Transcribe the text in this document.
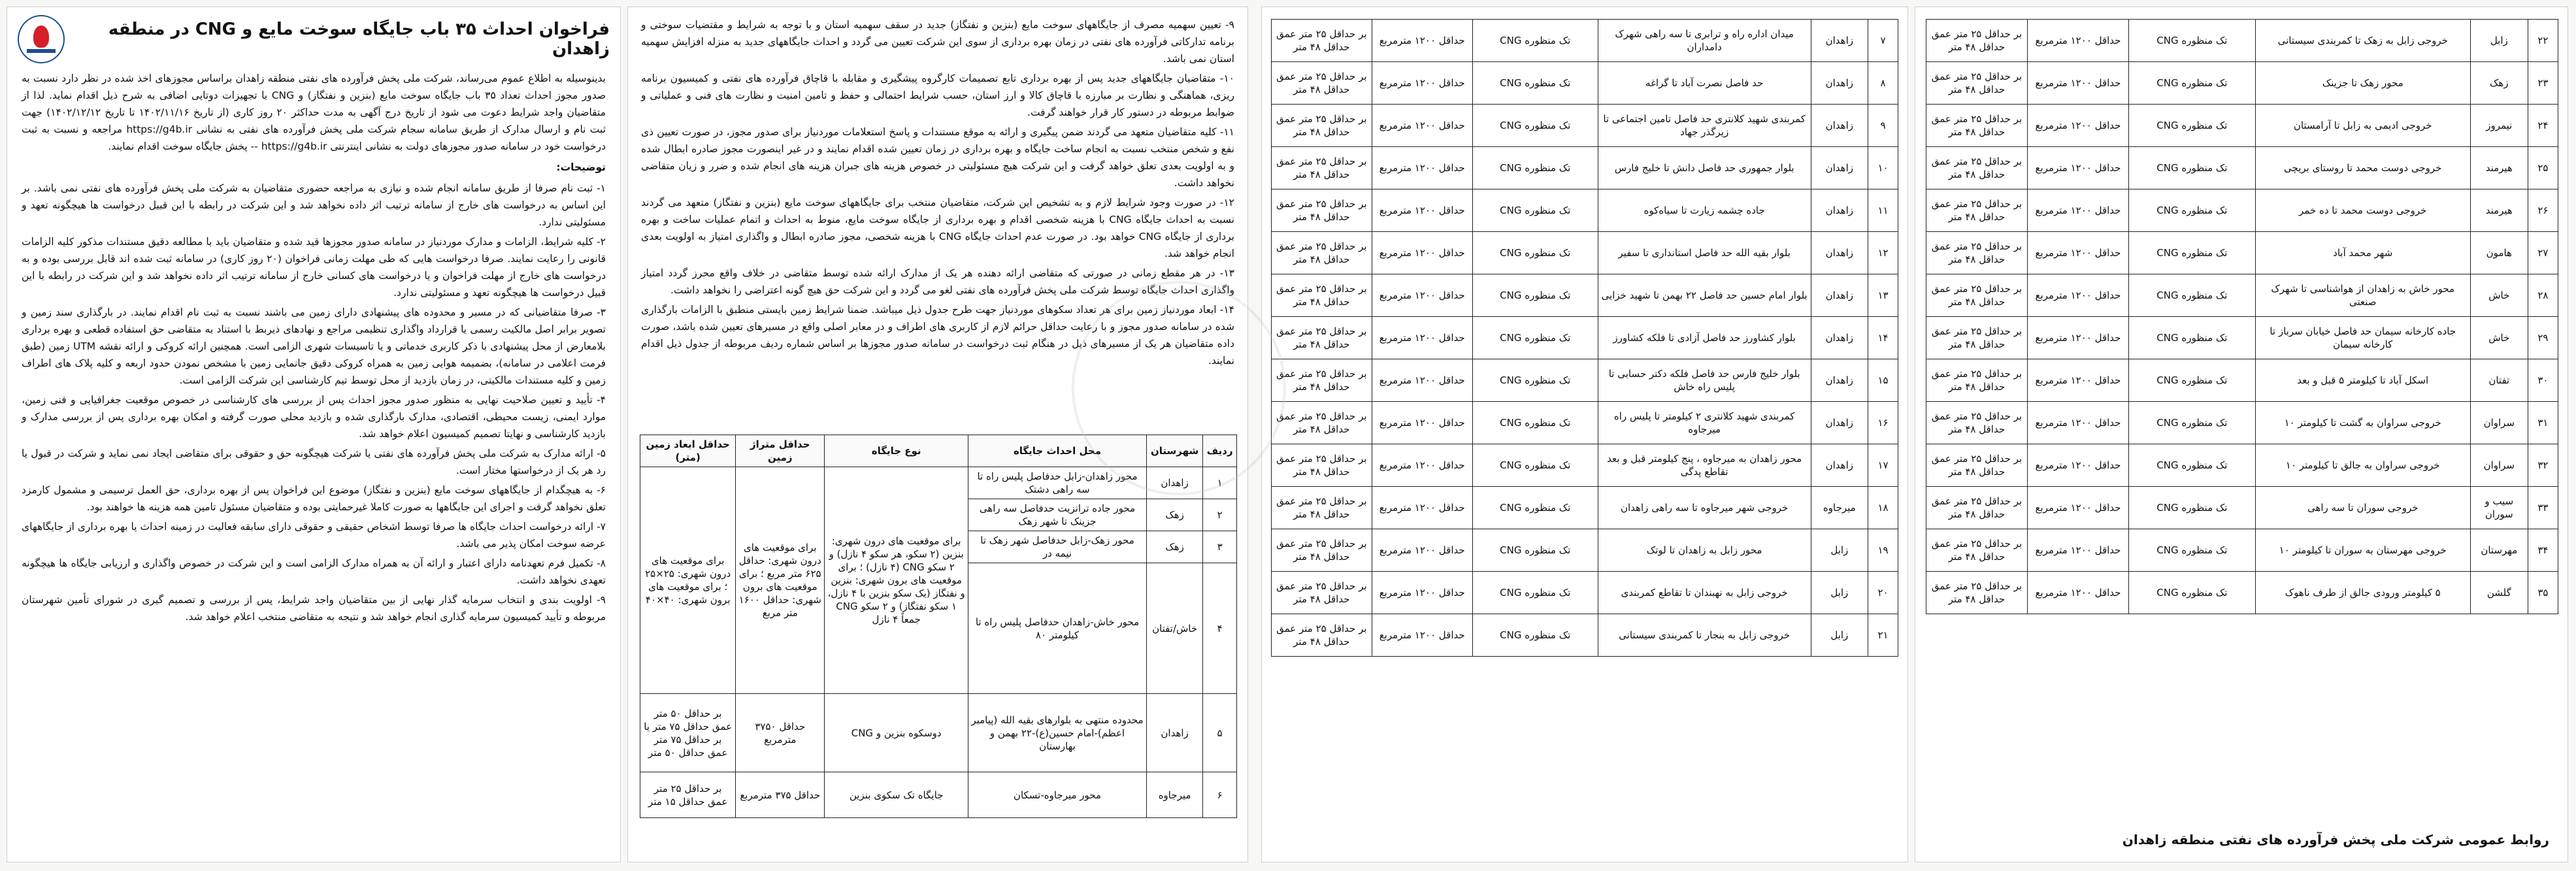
فراخوان احداث ۳۵ باب جایگاه سوخت مایع و CNG در منطقه زاهدان

بدینوسیله به اطلاع عموم می‌رساند، شرکت ملی پخش فرآورده های نفتی منطقه زاهدان براساس مجوزهای اخذ شده در نظر دارد نسبت به صدور مجوز احداث تعداد ۳۵ باب جایگاه سوخت مایع (بنزین و نفتگاز) و CNG با تجهیزات دوتایی اضافی به شرح ذیل اقدام نماید. لذا از متقاضیان واجد شرایط دعوت می شود از تاریخ درج آگهی به مدت حداکثر ۲۰ روز کاری (از تاریخ ۱۴۰۲/۱۱/۱۶ تا تاریخ ۱۴۰۲/۱۲/۱۲) جهت ثبت نام و ارسال مدارک از طریق سامانه سجام شرکت ملی پخش فرآورده های نفتی به نشانی https://g4b.ir مراجعه و نسبت به ثبت درخواست خود در سامانه صدور مجوزهای دولت به نشانی اینترنتی https://g4b.ir -- پخش جایگاه سوخت اقدام نمایند.

توضیحات:

۱- ثبت نام صرفا از طریق سامانه انجام شده و نیازی به مراجعه حضوری متقاضیان به شرکت ملی پخش فرآورده های نفتی نمی باشد. بر این اساس به درخواست های خارج از سامانه ترتیب اثر داده نخواهد شد و این شرکت در رابطه با این قبیل درخواست ها هیچگونه تعهد و مسئولیتی ندارد.

۲- کلیه شرایط، الزامات و مدارک موردنیاز در سامانه صدور مجوزها قید شده و متقاضیان باید با مطالعه دقیق مستندات مذکور کلیه الزامات قانونی را رعایت نمایند. صرفا درخواست هایی که طی مهلت زمانی فراخوان (۲۰ روز کاری) در سامانه ثبت شده اند قابل بررسی بوده و به درخواست های خارج از مهلت فراخوان و یا درخواست های کسانی خارج از سامانه ترتیب اثر داده نخواهد شد و این شرکت در رابطه با این قبیل درخواست ها هیچگونه تعهد و مسئولیتی ندارد.

۳- صرفا متقاضیانی که در مسیر و محدوده های پیشنهادی دارای زمین می باشند نسبت به ثبت نام اقدام نمایند. در بارگذاری سند زمین و تصویر برابر اصل مالکیت رسمی یا قرارداد واگذاری تنظیمی مراجع و نهادهای ذیربط با استناد به متقاضی حق استفاده قطعی و بهره برداری بلامعارض از محل پیشنهادی با ذکر کاربری خدماتی و یا تاسیسات شهری الزامی است. همچنین ارائه کروکی و ارائه نقشه UTM زمین (طبق فرمت اعلامی در سامانه)، بضمیمه هوایی زمین به همراه کروکی دقیق جانمایی زمین با مشخص نمودن حدود اربعه و کلیه پلاک های اطراف زمین و کلیه مستندات مالکیتی، در زمان بازدید از محل توسط تیم کارشناسی این شرکت الزامی است.

۴- تأیید و تعیین صلاحیت نهایی به منظور صدور مجوز احداث پس از بررسی های کارشناسی در خصوص موقعیت جغرافیایی و فنی زمین، موارد ایمنی، زیست محیطی، اقتصادی، مدارک بارگذاری شده و بازدید محلی صورت گرفته و امکان بهره برداری پس از بررسی مدارک و بازدید کارشناسی و نهایتا تصمیم کمیسیون اعلام خواهد شد.

۵- ارائه مدارک به شرکت ملی پخش فرآورده های نفتی یا شرکت هیچگونه حق و حقوقی برای متقاضی ایجاد نمی نماید و شرکت در قبول یا رد هر یک از درخواستها مختار است.

۶- به هیچگدام از جایگاههای سوخت مایع (بنزین و نفتگاز) موضوع این فراخوان پس از بهره برداری، حق العمل ترسیمی و مشمول کارمزد تعلق نخواهد گرفت و اجرای این جایگاهها به صورت کاملا غیرحمایتی بوده و متقاضیان مسئول تامین همه هزینه ها خواهند بود.

۷- ارائه درخواست احداث جایگاه ها صرفا توسط اشخاص حقیقی و حقوقی دارای سابقه فعالیت در زمینه احداث یا بهره برداری از جایگاههای عرضه سوخت امکان پذیر می باشد.

۸- تکمیل فرم تعهدنامه دارای اعتبار و ارائه آن به همراه مدارک الزامی است و این شرکت در خصوص واگذاری و ارزیابی جایگاه ها هیچگونه تعهدی نخواهد داشت.

۹- اولویت بندی و انتخاب سرمایه گذار نهایی از بین متقاضیان واجد شرایط، پس از بررسی و تصمیم گیری در شورای تأمین شهرستان مربوطه و تأیید کمیسیون سرمایه گذاری انجام خواهد شد و نتیجه به متقاضی منتخب اعلام خواهد شد.

۹- تعیین سهمیه مصرف از جایگاههای سوخت مایع (بنزین و نفتگاز) جدید در سقف سهمیه استان و با توجه به شرایط و مقتضیات سوختی و برنامه تدارکاتی فرآورده های نفتی در زمان بهره برداری از سوی این شرکت تعیین می گردد و احداث جایگاههای جدید به منزله افزایش سهمیه استان نمی باشد.

۱۰- متقاضیان جایگاههای جدید پس از بهره برداری تابع تصمیمات کارگروه پیشگیری و مقابله با قاچاق فرآورده های نفتی و کمیسیون برنامه ریزی، هماهنگی و نظارت بر مبارزه با قاچاق کالا و ارز استان، حسب شرایط احتمالی و حفظ و تامین امنیت و نظارت های فنی و عملیاتی و ضوابط مربوطه در دستور کار قرار خواهند گرفت.

۱۱- کلیه متقاضیان متعهد می گردند ضمن پیگیری و ارائه به موقع مستندات و پاسخ استعلامات موردنیاز برای صدور مجوز، در صورت تعیین ذی نفع و شخص منتخب نسبت به انجام ساخت جایگاه و بهره برداری در زمان تعیین شده اقدام نمایند و در غیر اینصورت مجوز صادره ابطال شده و به اولویت بعدی تعلق خواهد گرفت و این شرکت هیچ مسئولیتی در خصوص هزینه های جبران هزینه های انجام شده و ضرر و زیان متقاضی نخواهد داشت.

۱۲- در صورت وجود شرایط لازم و به تشخیص این شرکت، متقاضیان منتخب برای جایگاههای سوخت مایع (بنزین و نفتگاز) متعهد می گردند نسبت به احداث جایگاه CNG با هزینه شخصی اقدام و بهره برداری از جایگاه سوخت مایع، منوط به احداث و اتمام عملیات ساخت و بهره برداری از جایگاه CNG خواهد بود. در صورت عدم احداث جایگاه CNG با هزینه شخصی، مجوز صادره ابطال و واگذاری امتیاز به اولویت بعدی انجام خواهد شد.

۱۳- در هر مقطع زمانی در صورتی که متقاضی ارائه دهنده هر یک از مدارک ارائه شده توسط متقاضی در خلاف واقع محرز گردد امتیاز واگذاری احداث جایگاه توسط شرکت ملی پخش فرآورده های نفتی لغو می گردد و این شرکت حق هیچ گونه اعتراضی را نخواهد داشت.

۱۴- ابعاد موردنیاز زمین برای هر تعداد سکوهای موردنیاز جهت طرح جدول ذیل میباشد. ضمنا شرایط زمین بایستی منطبق با الزامات بارگذاری شده در سامانه صدور مجوز و با رعایت حداقل حرائم لازم از کاربری های اطراف و در معابر اصلی واقع در مسیرهای تعیین شده باشد، صورت داده متقاضیان هر یک از مسیرهای ذیل در هنگام ثبت درخواست در سامانه صدور مجوزها بر اساس شماره ردیف مربوطه از جدول ذیل اقدام نمایند.

ردیف	شهرستان	محل احداث جایگاه	نوع جایگاه	حداقل متراژ زمین	حداقل ابعاد زمین (متر)
۱	زاهدان	محور زاهدان-زابل حدفاصل پلیس راه تا سه راهی دشتک	برای موقعیت های درون شهری: بنزین (۲ سکو، هر سکو ۴ نازل) و ۲ سکو CNG (۴ نازل) ؛ برای موقعیت های برون شهری: بنزین و نفتگاز (یک سکو بنزین با ۴ نازل، ۱ سکو نفتگاز) و ۲ سکو CNG جمعاً ۴ نازل	برای موقعیت های درون شهری: حداقل ۶۲۵ متر مربع ؛ برای موقعیت های برون شهری: حداقل ۱۶۰۰ متر مربع	برای موقعیت های درون شهری: ۲۵×۲۵ ؛ برای موقعیت های برون شهری: ۴۰×۴۰
۲	زهک	محور جاده ترانزیت حدفاصل سه راهی جزینک تا شهر زهک			
۳	زهک	محور زهک-زابل حدفاصل شهر زهک تا نیمه در			
۴	خاش/تفتان	محور خاش-زاهدان حدفاصل پلیس راه تا کیلومتر ۸۰			
۵	زاهدان	محدوده منتهی به بلوارهای بقیه الله (پیامبر اعظم)-امام حسین(ع)-۲۲ بهمن و بهارستان	دوسکوه بنزین و CNG	حداقل ۳۷۵۰ مترمربع	بر حداقل ۵۰ متر عمق حداقل ۷۵ متر یا بر حداقل ۷۵ متر عمق حداقل ۵۰ متر
۶	میرجاوه	محور میرجاوه-تسکان	جایگاه تک سکوی بنزین	حداقل ۳۷۵ مترمربع	بر حداقل ۲۵ متر عمق حداقل ۱۵ متر
۷	زاهدان	میدان اداره راه و ترابری تا سه راهی شهرک دامداران	تک منظوره CNG	حداقل ۱۲۰۰ مترمربع	بر حداقل ۲۵ متر عمق حداقل ۴۸ متر
۸	زاهدان	حد فاصل نصرت آباد تا گراغه	تک منظوره CNG	حداقل ۱۲۰۰ مترمربع	بر حداقل ۲۵ متر عمق حداقل ۴۸ متر
۹	زاهدان	کمربندی شهید کلانتری حد فاصل تامین اجتماعی تا زیرگذر جهاد	تک منظوره CNG	حداقل ۱۲۰۰ مترمربع	بر حداقل ۲۵ متر عمق حداقل ۴۸ متر
۱۰	زاهدان	بلوار جمهوری حد فاصل دانش تا خلیج فارس	تک منظوره CNG	حداقل ۱۲۰۰ مترمربع	بر حداقل ۲۵ متر عمق حداقل ۴۸ متر
۱۱	زاهدان	جاده چشمه زیارت تا سیاه‌کوه	تک منظوره CNG	حداقل ۱۲۰۰ مترمربع	بر حداقل ۲۵ متر عمق حداقل ۴۸ متر
۱۲	زاهدان	بلوار بقیه الله حد فاصل استانداری تا سفیر	تک منظوره CNG	حداقل ۱۲۰۰ مترمربع	بر حداقل ۲۵ متر عمق حداقل ۴۸ متر
۱۳	زاهدان	بلوار امام حسین حد فاصل ۲۲ بهمن تا شهید خزایی	تک منظوره CNG	حداقل ۱۲۰۰ مترمربع	بر حداقل ۲۵ متر عمق حداقل ۴۸ متر
۱۴	زاهدان	بلوار کشاورز حد فاصل آزادی تا فلکه کشاورز	تک منظوره CNG	حداقل ۱۲۰۰ مترمربع	بر حداقل ۲۵ متر عمق حداقل ۴۸ متر
۱۵	زاهدان	بلوار خلیج فارس حد فاصل فلکه دکتر حسابی تا پلیس راه خاش	تک منظوره CNG	حداقل ۱۲۰۰ مترمربع	بر حداقل ۲۵ متر عمق حداقل ۴۸ متر
۱۶	زاهدان	کمربندی شهید کلانتری ۲ کیلومتر تا پلیس راه میرجاوه	تک منظوره CNG	حداقل ۱۲۰۰ مترمربع	بر حداقل ۲۵ متر عمق حداقل ۴۸ متر
۱۷	زاهدان	محور زاهدان به میرجاوه ، پنج کیلومتر قبل و بعد تقاطع پدگی	تک منظوره CNG	حداقل ۱۲۰۰ مترمربع	بر حداقل ۲۵ متر عمق حداقل ۴۸ متر
۱۸	میرجاوه	خروجی شهر میرجاوه تا سه راهی زاهدان	تک منظوره CNG	حداقل ۱۲۰۰ مترمربع	بر حداقل ۲۵ متر عمق حداقل ۴۸ متر
۱۹	زابل	محور زابل به زاهدان تا لوتک	تک منظوره CNG	حداقل ۱۲۰۰ مترمربع	بر حداقل ۲۵ متر عمق حداقل ۴۸ متر
۲۰	زابل	خروجی زابل به نهبندان تا تقاطع کمربندی	تک منظوره CNG	حداقل ۱۲۰۰ مترمربع	بر حداقل ۲۵ متر عمق حداقل ۴۸ متر
۲۱	زابل	خروجی زابل به بنجار تا کمربندی سیستانی	تک منظوره CNG	حداقل ۱۲۰۰ مترمربع	بر حداقل ۲۵ متر عمق حداقل ۴۸ متر
۲۲	زابل	خروجی زابل به زهک تا کمربندی سیستانی	تک منظوره CNG	حداقل ۱۲۰۰ مترمربع	بر حداقل ۲۵ متر عمق حداقل ۴۸ متر
۲۳	زهک	محور زهک تا جزینک	تک منظوره CNG	حداقل ۱۲۰۰ مترمربع	بر حداقل ۲۵ متر عمق حداقل ۴۸ متر
۲۴	نیمروز	خروجی ادیمی به زابل تا آرامستان	تک منظوره CNG	حداقل ۱۲۰۰ مترمربع	بر حداقل ۲۵ متر عمق حداقل ۴۸ متر
۲۵	هیرمند	خروجی دوست محمد تا روستای بریچی	تک منظوره CNG	حداقل ۱۲۰۰ مترمربع	بر حداقل ۲۵ متر عمق حداقل ۴۸ متر
۲۶	هیرمند	خروجی دوست محمد تا ده خمر	تک منظوره CNG	حداقل ۱۲۰۰ مترمربع	بر حداقل ۲۵ متر عمق حداقل ۴۸ متر
۲۷	هامون	شهر محمد آباد	تک منظوره CNG	حداقل ۱۲۰۰ مترمربع	بر حداقل ۲۵ متر عمق حداقل ۴۸ متر
۲۸	خاش	محور خاش به زاهدان از هواشناسی تا شهرک صنعتی	تک منظوره CNG	حداقل ۱۲۰۰ مترمربع	بر حداقل ۲۵ متر عمق حداقل ۴۸ متر
۲۹	خاش	جاده کارخانه سیمان حد فاصل خیابان سرباز تا کارخانه سیمان	تک منظوره CNG	حداقل ۱۲۰۰ مترمربع	بر حداقل ۲۵ متر عمق حداقل ۴۸ متر
۳۰	تفتان	اسکل آباد تا کیلومتر ۵ قبل و بعد	تک منظوره CNG	حداقل ۱۲۰۰ مترمربع	بر حداقل ۲۵ متر عمق حداقل ۴۸ متر
۳۱	سراوان	خروجی سراوان به گشت تا کیلومتر ۱۰	تک منظوره CNG	حداقل ۱۲۰۰ مترمربع	بر حداقل ۲۵ متر عمق حداقل ۴۸ متر
۳۲	سراوان	خروجی سراوان به جالق تا کیلومتر ۱۰	تک منظوره CNG	حداقل ۱۲۰۰ مترمربع	بر حداقل ۲۵ متر عمق حداقل ۴۸ متر
۳۳	سیب و سوران	خروجی سوران تا سه راهی	تک منظوره CNG	حداقل ۱۲۰۰ مترمربع	بر حداقل ۲۵ متر عمق حداقل ۴۸ متر
۳۴	مهرستان	خروجی مهرستان به سوران تا کیلومتر ۱۰	تک منظوره CNG	حداقل ۱۲۰۰ مترمربع	بر حداقل ۲۵ متر عمق حداقل ۴۸ متر
۳۵	گلشن	۵ کیلومتر ورودی جالق از طرف ناهوک	تک منظوره CNG	حداقل ۱۲۰۰ مترمربع	بر حداقل ۲۵ متر عمق حداقل ۴۸ متر
روابط عمومی شرکت ملی پخش فرآورده های نفتی منطقه زاهدان
